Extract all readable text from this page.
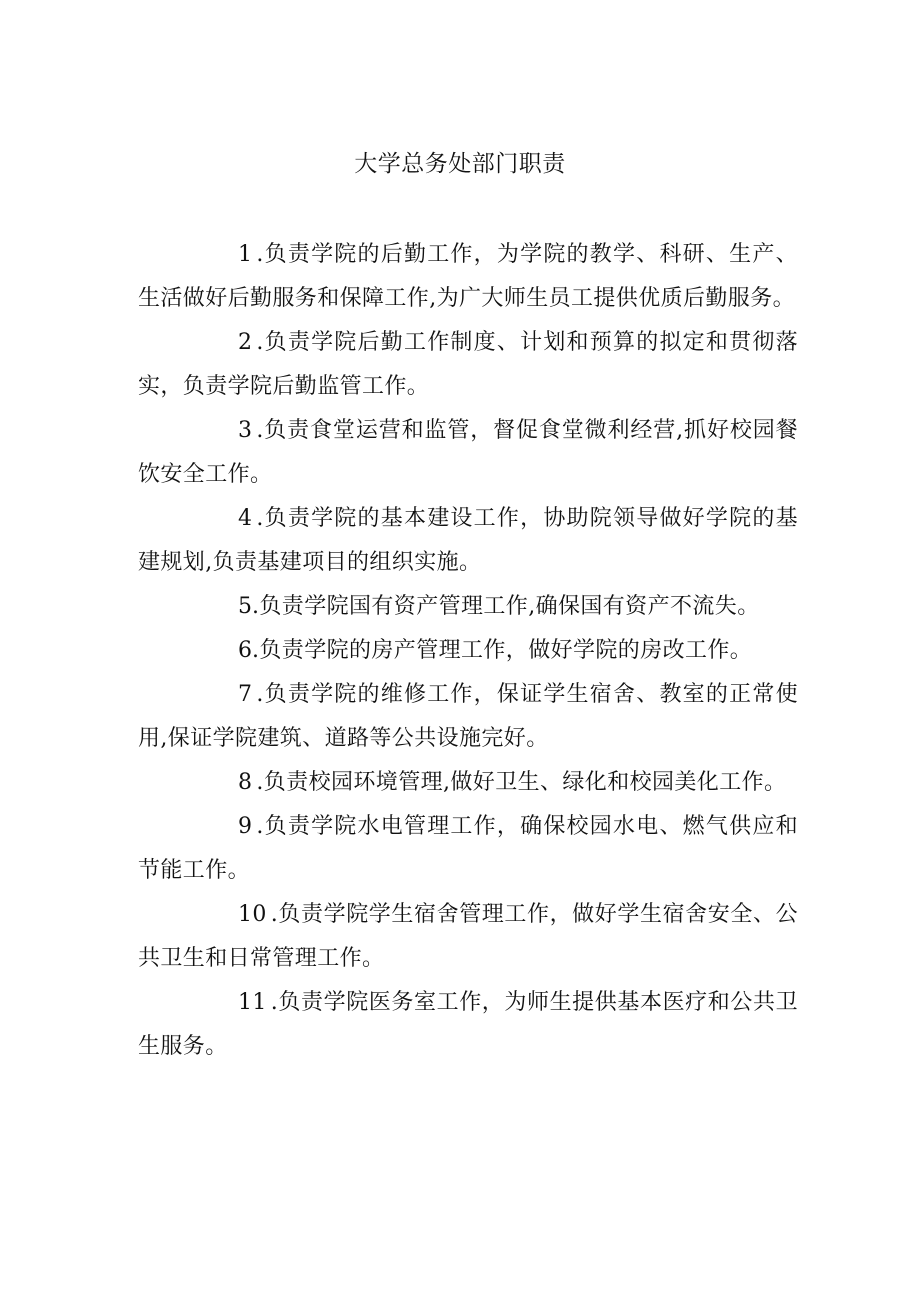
大学总务处部门职责

1 .负责学院的后勤工作，为学院的教学、科研、生产、生活做好后勤服务和保障工作,为广大师生员工提供优质后勤服务。

2 .负责学院后勤工作制度、计划和预算的拟定和贯彻落实，负责学院后勤监管工作。

3 .负责食堂运营和监管，督促食堂微利经营,抓好校园餐饮安全工作。

4 .负责学院的基本建设工作，协助院领导做好学院的基建规划,负责基建项目的组织实施。

5.负责学院国有资产管理工作,确保国有资产不流失。

6.负责学院的房产管理工作，做好学院的房改工作。

7 .负责学院的维修工作，保证学生宿舍、教室的正常使用,保证学院建筑、道路等公共设施完好。

8 .负责校园环境管理,做好卫生、绿化和校园美化工作。

9 .负责学院水电管理工作，确保校园水电、燃气供应和节能工作。

10 .负责学院学生宿舍管理工作，做好学生宿舍安全、公共卫生和日常管理工作。

11 .负责学院医务室工作，为师生提供基本医疗和公共卫生服务。
